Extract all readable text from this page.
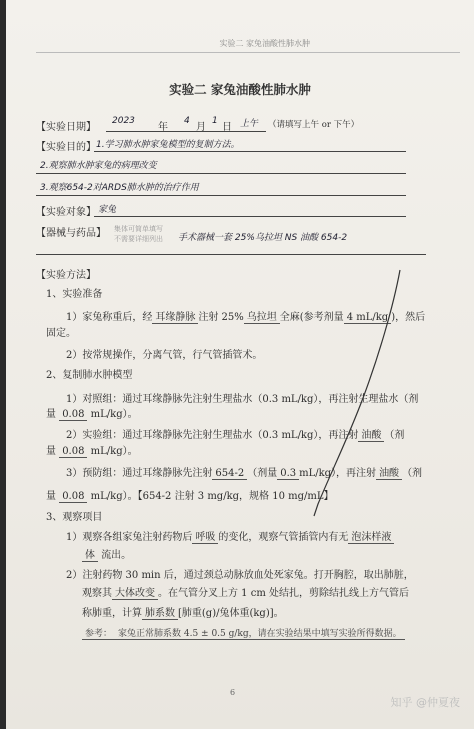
实验二 家兔油酸性肺水肿
实验二 家兔油酸性肺水肿
【实验日期】
2023
年
4
月
1
日 上午 （请填写上午 or 下午）
【实验目的】 1.学习肺水肿家兔模型的复制方法。
2.观察肺水肿家兔的病理改变
3.观察654-2对ARDS肺水肿的治疗作用
【实验对象】 家兔
【器械与药品】 集体可简单填写
不需要详细列出 手术器械一套 25%乌拉坦 NS 油酸 654-2
【实验方法】
1、实验准备
1）家兔称重后，经 耳缘静脉 注射 25% 乌拉坦 全麻(参考剂量 4 mL/kg )，然后
固定。
2）按常规操作，分离气管，行气管插管术。
2、复制肺水肿模型
1）对照组：通过耳缘静脉先注射生理盐水（0.3 mL/kg），再注射生理盐水（剂
量 0.08 mL/kg）。
2）实验组：通过耳缘静脉先注射生理盐水（0.3 mL/kg），再注射 油酸 （剂
量 0.08 mL/kg）。
3）预防组：通过耳缘静脉先注射 654-2 （剂量 0.3 mL/kg），再注射 油酸 （剂
量 0.08 mL/kg）。【654-2 注射 3 mg/kg，规格 10 mg/mL】
3、观察项目
1）观察各组家兔注射药物后 呼吸 的变化，观察气管插管内有无 泡沫样液
体 流出。
2）注射药物 30 min 后，通过颈总动脉放血处死家兔。打开胸腔，取出肺脏，
观察其 大体改变 。在气管分叉上方 1 cm 处结扎，剪除结扎线上方气管后
称肺重，计算 肺系数 [肺重(g)/兔体重(kg)]。
参考： 家兔正常肺系数 4.5 ± 0.5 g/kg，请在实验结果中填写实验所得数据。
6
知乎 @仲夏夜
